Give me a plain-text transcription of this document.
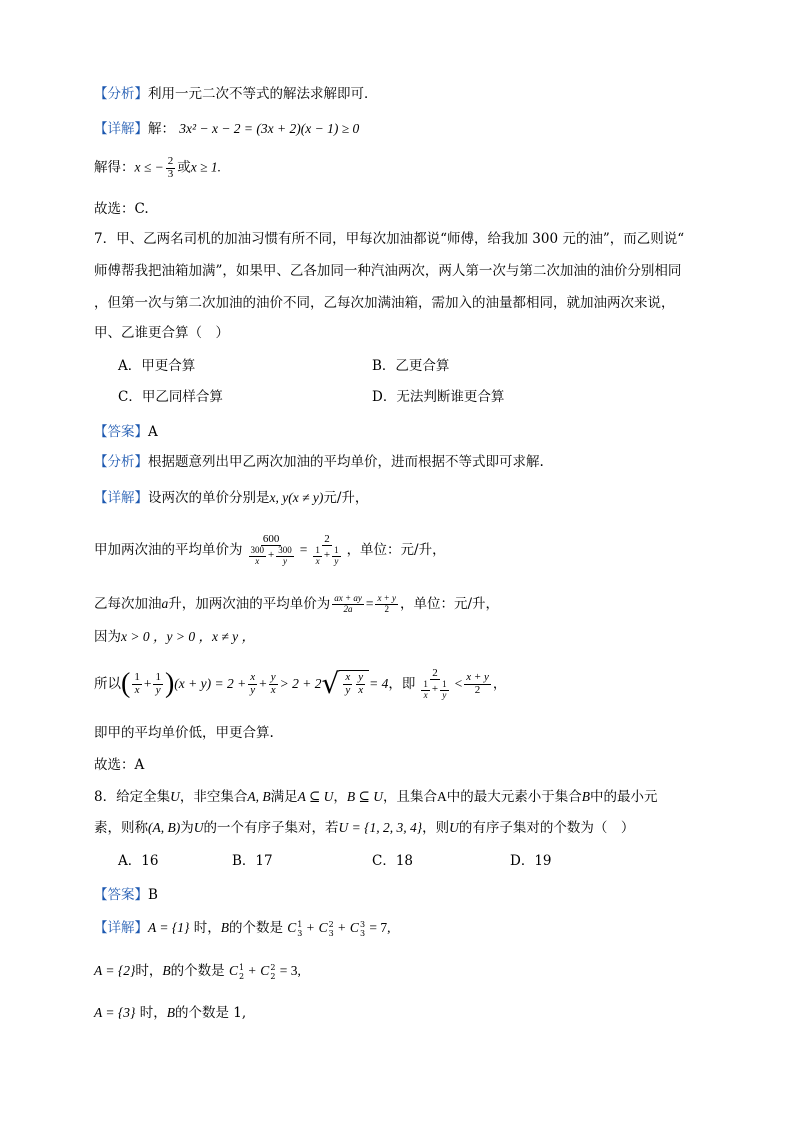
【分析】利用一元二次不等式的解法求解即可．
【详解】解： 3x² − x − 2 = (3x + 2)(x − 1) ≥ 0
解得：x ≤ − $\frac{2}{3}$ 或x ≥ 1.
故选：C.
7．甲、乙两名司机的加油习惯有所不同，甲每次加油都说“师傅，给我加 300 元的油”，而乙则说“
师傅帮我把油箱加满”，如果甲、乙各加同一种汽油两次，两人第一次与第二次加油的油价分别相同
，但第一次与第二次加油的油价不同，乙每次加满油箱，需加入的油量都相同，就加油两次来说，
甲、乙谁更合算（　）
A．甲更合算	B．乙更合算
C．甲乙同样合算	D．无法判断谁更合算
【答案】A
【分析】根据题意列出甲乙两次加油的平均单价，进而根据不等式即可求解.
【详解】设两次的单价分别是x, y(x ≠ y)元/升，
甲加两次油的平均单价为 $\frac{600}{\frac{300}{x} + \frac{300}{y}} = \frac{2}{\frac{1}{x} + \frac{1}{y}}$ ，单位：元/升，
乙每次加油 a 升，加两次油的平均单价为 $\frac{ax + ay}{2a} = \frac{x + y}{2}$ ，单位：元/升，
因为x > 0 ，y > 0 ，x ≠ y ，
所以 ( $\frac{1}{x} + \frac{1}{y}$ ) $(x + y) = 2 + \frac{x}{y} + \frac{y}{x} > 2 + 2$ √ $\frac{x}{y} \frac{y}{x} = 4$ ，即 $\frac{2}{\frac{1}{x} + \frac{1}{y}} < \frac{x + y}{2}$ ，
即甲的平均单价低，甲更合算.
故选：A
8．给定全集U，非空集合A, B满足A ⊆ U，B ⊆ U，且集合A中的最大元素小于集合B中的最小元
素，则称(A, B)为U的一个有序子集对，若U = {1, 2, 3, 4}，则U的有序子集对的个数为（　）
A．16	B．17	C．18	D．19
【答案】B
【详解】A = {1} 时，B的个数是 C 1
3 + C 2
3 + C 3
3 = 7,
A = {2}时，B的个数是 C 1
2 + C 2
2 = 3,
A = {3} 时，B的个数是 1,
